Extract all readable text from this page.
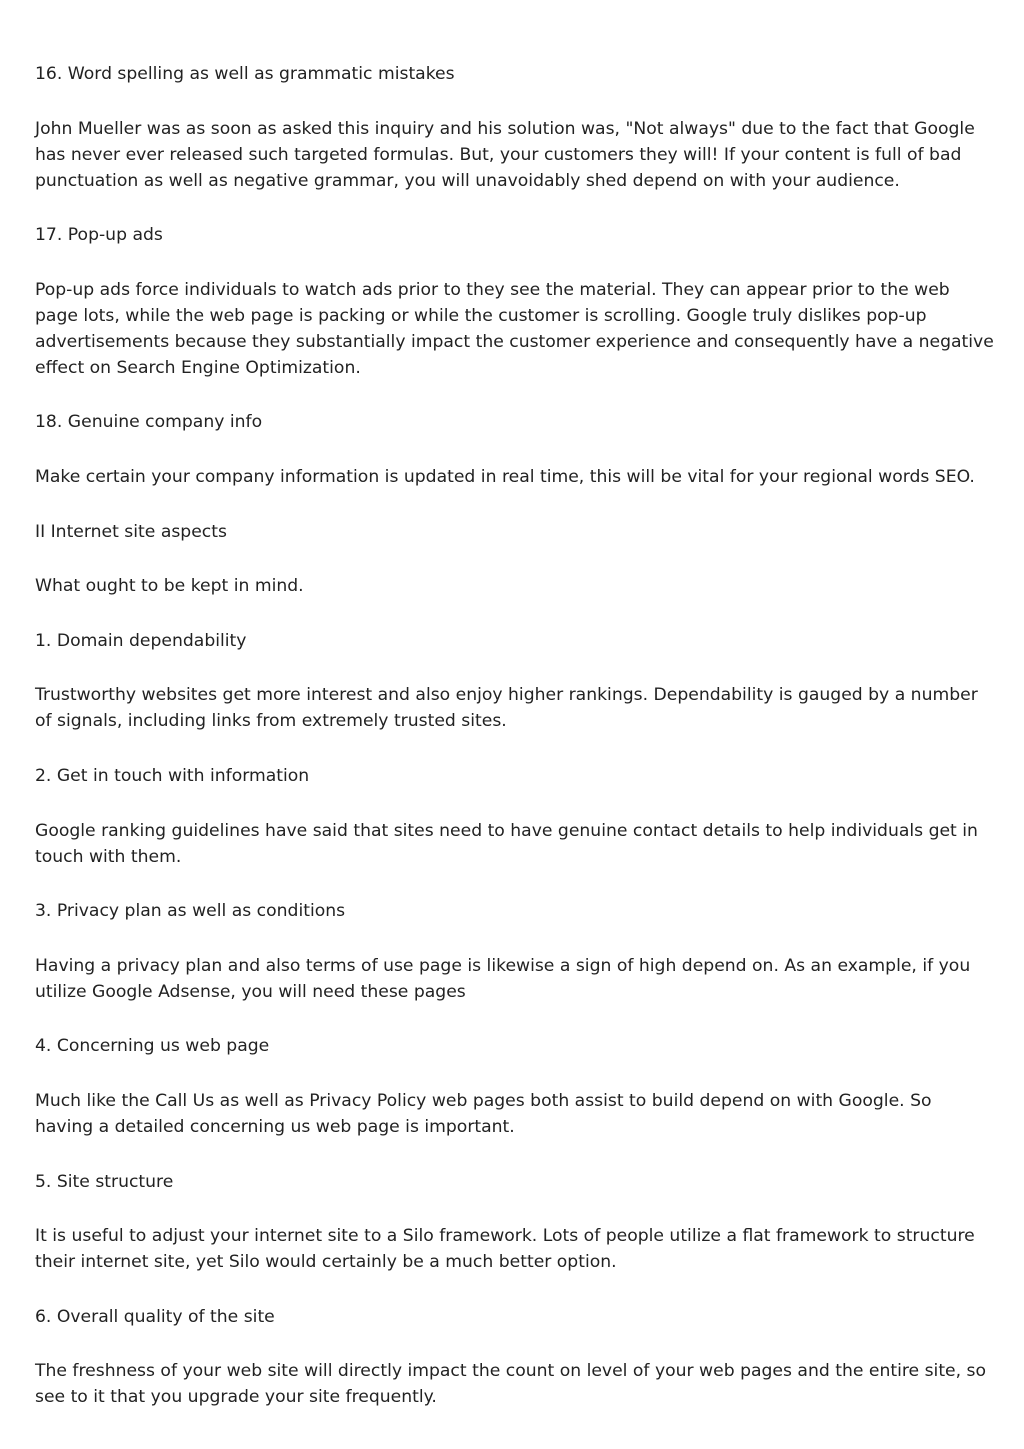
16. Word spelling as well as grammatic mistakes

John Mueller was as soon as asked this inquiry and his solution was, "Not always" due to the fact that Google has never ever released such targeted formulas. But, your customers they will! If your content is full of bad punctuation as well as negative grammar, you will unavoidably shed depend on with your audience.

17. Pop-up ads

Pop-up ads force individuals to watch ads prior to they see the material. They can appear prior to the web page lots, while the web page is packing or while the customer is scrolling. Google truly dislikes pop-up advertisements because they substantially impact the customer experience and consequently have a negative effect on Search Engine Optimization.

18. Genuine company info

Make certain your company information is updated in real time, this will be vital for your regional words SEO.

II Internet site aspects

What ought to be kept in mind.

1. Domain dependability

Trustworthy websites get more interest and also enjoy higher rankings. Dependability is gauged by a number of signals, including links from extremely trusted sites.

2. Get in touch with information

Google ranking guidelines have said that sites need to have genuine contact details to help individuals get in touch with them.

3. Privacy plan as well as conditions

Having a privacy plan and also terms of use page is likewise a sign of high depend on. As an example, if you utilize Google Adsense, you will need these pages

4. Concerning us web page

Much like the Call Us as well as Privacy Policy web pages both assist to build depend on with Google. So having a detailed concerning us web page is important.

5. Site structure

It is useful to adjust your internet site to a Silo framework. Lots of people utilize a flat framework to structure their internet site, yet Silo would certainly be a much better option.

6. Overall quality of the site

The freshness of your web site will directly impact the count on level of your web pages and the entire site, so see to it that you upgrade your site frequently.
